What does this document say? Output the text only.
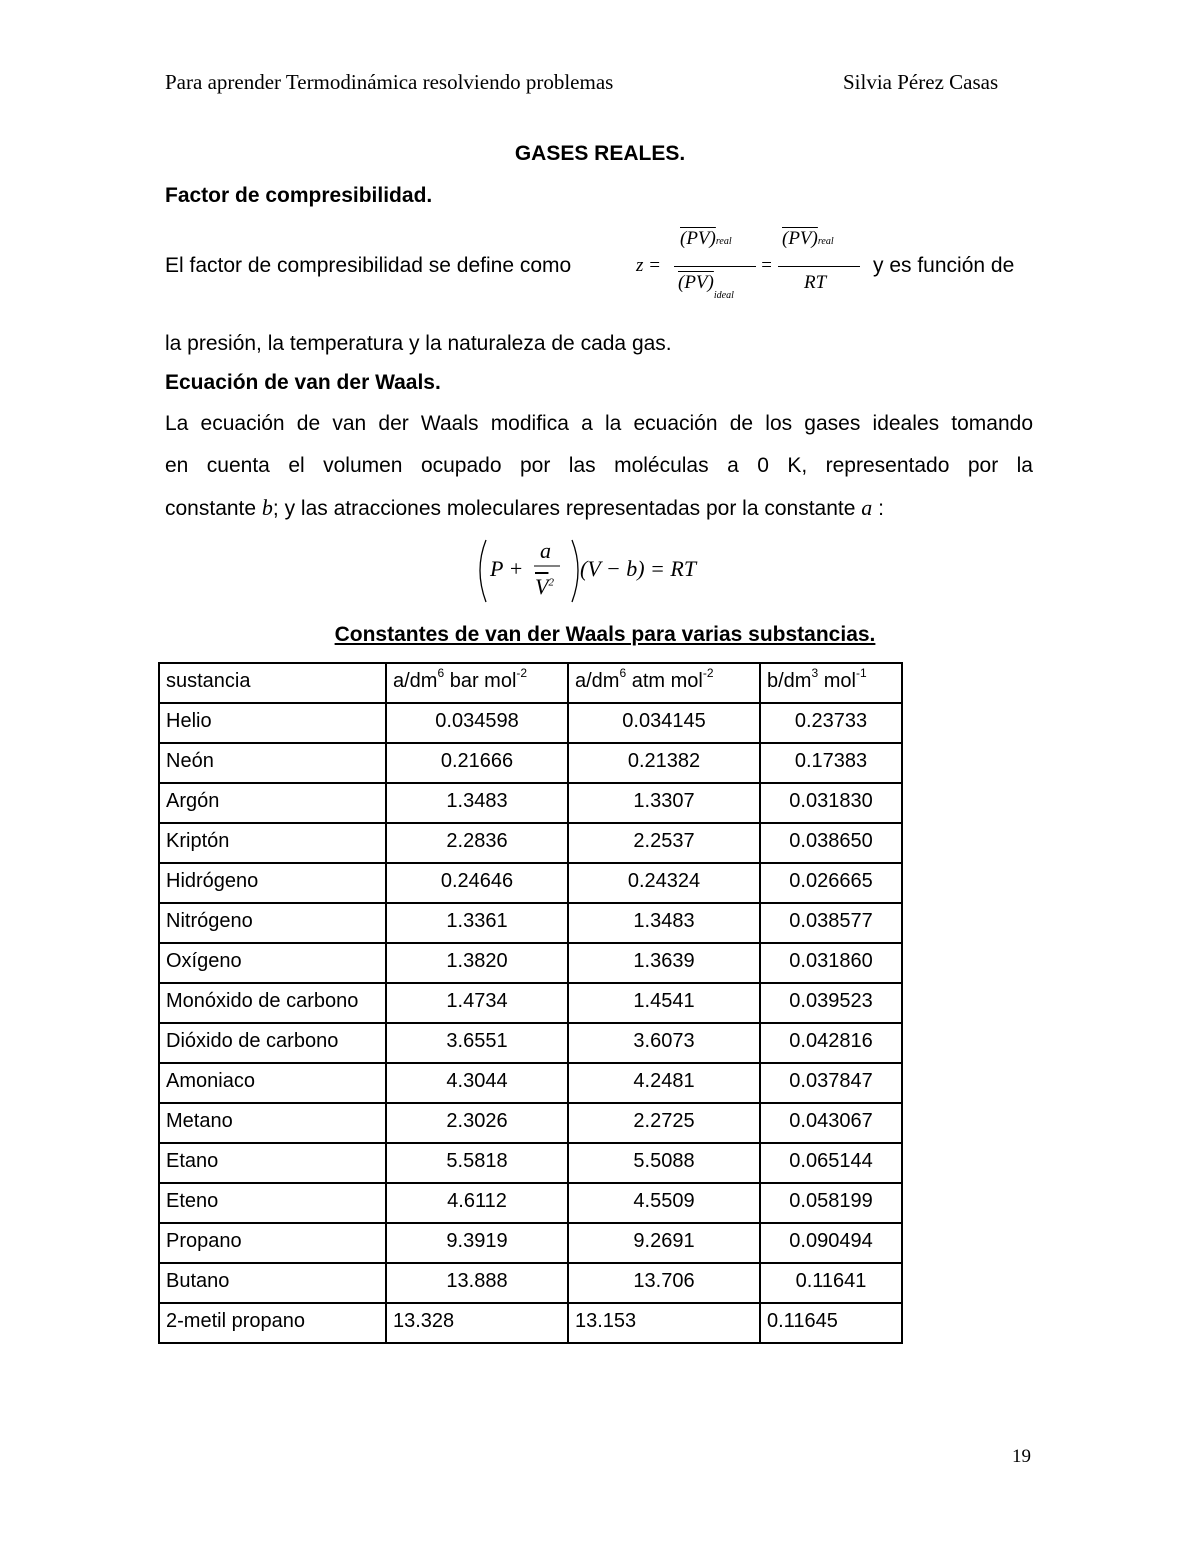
Para aprender Termodinámica resolviendo problemas	Silvia Pérez Casas
GASES REALES.
Factor de compresibilidad.
El factor de compresibilidad se define como	z =
(PV)real
$(PV)_{ideal}$
=
(PV)real
RT
y es función de
la presión, la temperatura y la naturaleza de cada gas.
Ecuación de van der Waals.
La ecuación de van der Waals modifica a la ecuación de los gases ideales tomando
en cuenta el volumen ocupado por las moléculas a 0 K, representado por la
constante b; y las atracciones moleculares representadas por la constante a :
P +
a
$\overline{V}^2$
(V − b) = RT
Constantes de van der Waals para varias substancias.
sustancia	$a/dm^6$ bar mol$^{-2}$	$a/dm^6$ atm mol$^{-2}$	$b/dm^3$ mol$^{-1}$
Helio	0.034598	0.034145	0.23733
Neón	0.21666	0.21382	0.17383
Argón	1.3483	1.3307	0.031830
Kriptón	2.2836	2.2537	0.038650
Hidrógeno	0.24646	0.24324	0.026665
Nitrógeno	1.3361	1.3483	0.038577
Oxígeno	1.3820	1.3639	0.031860
Monóxido de carbono	1.4734	1.4541	0.039523
Dióxido de carbono	3.6551	3.6073	0.042816
Amoniaco	4.3044	4.2481	0.037847
Metano	2.3026	2.2725	0.043067
Etano	5.5818	5.5088	0.065144
Eteno	4.6112	4.5509	0.058199
Propano	9.3919	9.2691	0.090494
Butano	13.888	13.706	0.11641
2-metil propano	13.328	13.153	0.11645
19
